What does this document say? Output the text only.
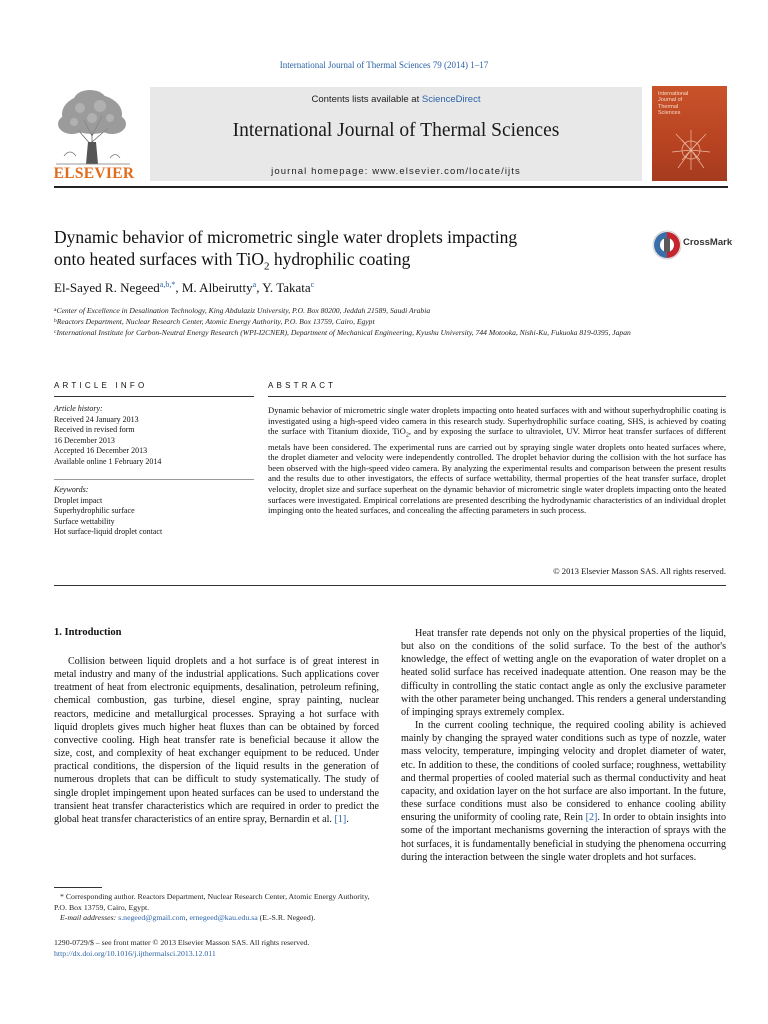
International Journal of Thermal Sciences 79 (2014) 1–17
ELSEVIER
Contents lists available at ScienceDirect
International Journal of Thermal Sciences
journal homepage: www.elsevier.com/locate/ijts
International
Journal of
Thermal
Sciences
Dynamic behavior of micrometric single water droplets impacting
onto heated surfaces with TiO$_2$ hydrophilic coating
CrossMark
El-Sayed R. Negeed$^{a,b,*}$, M. Albeirutty$^a$, Y. Takata$^c$
$^a$Center of Excellence in Desalination Technology, King Abdulaziz University, P.O. Box 80200, Jeddah 21589, Saudi Arabia
$^b$Reactors Department, Nuclear Research Center, Atomic Energy Authority, P.O. Box 13759, Cairo, Egypt
$^c$International Institute for Carbon-Neutral Energy Research (WPI-I2CNER), Department of Mechanical Engineering, Kyushu University, 744 Motooka, Nishi-Ku, Fukuoka 819-0395, Japan
ARTICLE INFO
Article history:
Received 24 January 2013
Received in revised form
16 December 2013
Accepted 16 December 2013
Available online 1 February 2014
Keywords:
Droplet impact
Superhydrophilic surface
Surface wettability
Hot surface-liquid droplet contact
ABSTRACT
Dynamic behavior of micrometric single water droplets impacting onto heated surfaces with and without superhydrophilic coating is investigated using a high-speed video camera in this research study. Superhydrophilic surface coating, SHS, is achieved by coating the surface with Titanium dioxide, TiO$_2$, and by exposing the surface to ultraviolet, UV. Mirror heat transfer surfaces of different metals have been considered. The experimental runs are carried out by spraying single water droplets onto heated surfaces where, the droplet diameter and velocity were independently controlled. The droplet behavior during the collision with the hot surface has been observed with the high-speed video camera. By analyzing the experimental results and comparison between the present results and the results due to other investigators, the effects of surface wettability, thermal properties of the heat transfer surface, droplet velocity, droplet size and surface superheat on the dynamic behavior of micrometric single water droplets impacting onto the heated surfaces were investigated. Empirical correlations are presented describing the hydrodynamic characteristics of an individual droplet impinging onto the heated surfaces, and concealing the affecting parameters in such process.
© 2013 Elsevier Masson SAS. All rights reserved.
1. Introduction

Collision between liquid droplets and a hot surface is of great interest in metal industry and many of the industrial applications. Such applications cover treatment of heat from electronic equipments, desalination, petroleum refining, chemical combustion, gas turbine, diesel engine, spray painting, nuclear reactors, medicine and metallurgical processes. Spraying a hot surface with liquid droplets gives much higher heat fluxes than can be obtained by forced convective cooling. High heat transfer rate is beneficial because it allow the size, cost, and complexity of heat exchanger equipment to be reduced. Under practical conditions, the dispersion of the liquid results in the generation of numerous droplets that can be difficult to study systematically. The study of single droplet impingement upon heated surfaces can be used to understand the transient heat transfer characteristics which are required in order to predict the global heat transfer characteristics of an entire spray, Bernardin et al. [1].

Heat transfer rate depends not only on the physical properties of the liquid, but also on the conditions of the solid surface. To the best of the author's knowledge, the effect of wetting angle on the evaporation of water droplet on a heated solid surface has received inadequate attention. One reason may be the difficulty in controlling the static contact angle as only the exclusive parameter with the other parameter being unchanged. This renders a general understanding of impinging sprays extremely complex.

In the current cooling technique, the required cooling ability is achieved mainly by changing the sprayed water conditions such as type of nozzle, water mass velocity, temperature, impinging velocity and droplet diameter of water, etc. In addition to these, the conditions of cooled surface; roughness, wettability and thermal properties of cooled material such as thermal conductivity and heat capacity, and oxidation layer on the hot surface are also important. In the future, these surface conditions must also be considered to enhance cooling ability ensuring the uniformity of cooling rate, Rein [2]. In order to obtain insights into some of the important mechanisms governing the interaction of sprays with the hot surfaces, it is fundamentally beneficial in studying the phenomena occurring during the interaction between the single water droplets and hot surfaces.

* Corresponding author. Reactors Department, Nuclear Research Center, Atomic Energy Authority, P.O. Box 13759, Cairo, Egypt.
E-mail addresses: s.negeed@gmail.com, ernegeed@kau.edu.sa (E.-S.R. Negeed).
1290-0729/$ – see front matter © 2013 Elsevier Masson SAS. All rights reserved.
http://dx.doi.org/10.1016/j.ijthermalsci.2013.12.011
